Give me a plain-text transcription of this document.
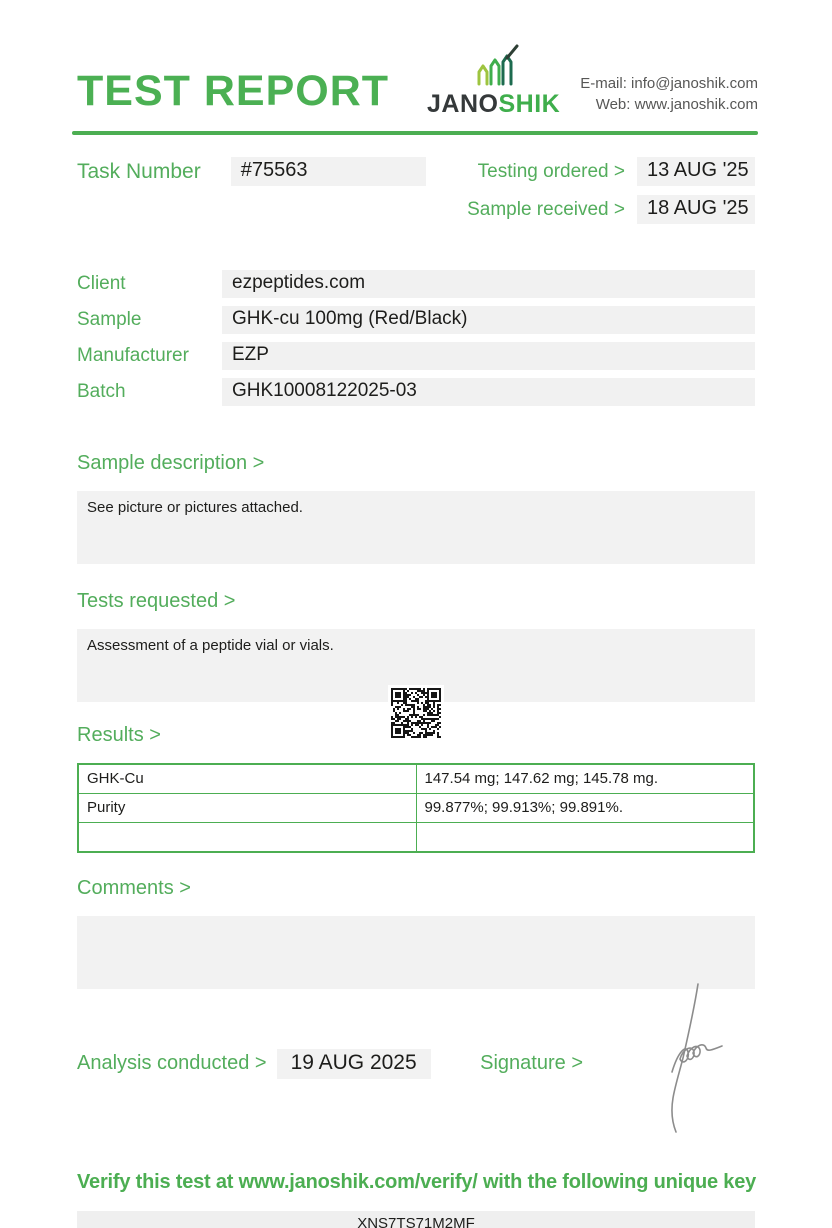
TEST REPORT JANOSHIK
E-mail: info@janoshik.com
Web: www.janoshik.com
Task Number	#75563	Testing ordered >	13 AUG '25
Sample received >	18 AUG '25
Client	ezpeptides.com
Sample	GHK-cu 100mg (Red/Black)
Manufacturer	EZP
Batch	GHK10008122025-03
Sample description >
See picture or pictures attached.
Tests requested >
Assessment of a peptide vial or vials.
Results >
GHK-Cu	147.54 mg; 147.62 mg; 145.78 mg.
Purity	99.877%; 99.913%; 99.891%.

Comments >
Analysis conducted >	19 AUG 2025	Signature >
Verify this test at www.janoshik.com/verify/ with the following unique key
XNS7TS71M2MF
